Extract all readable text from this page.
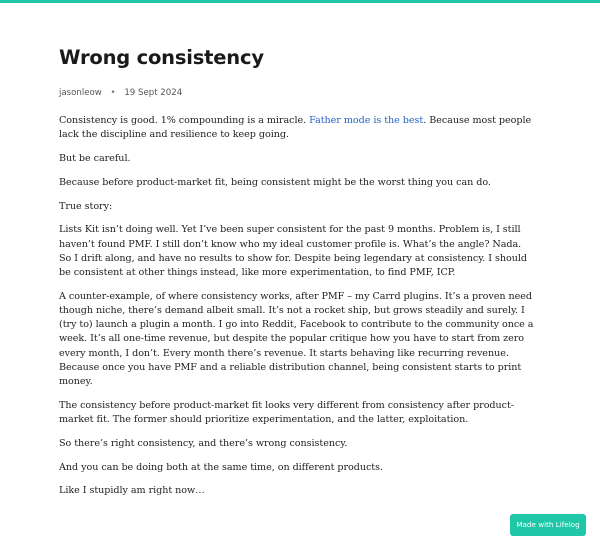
Wrong consistency
jasonleow • 19 Sept 2024

Consistency is good. 1% compounding is a miracle. Father mode is the best. Because most people lack the discipline and resilience to keep going.

But be careful.

Because before product-market fit, being consistent might be the worst thing you can do.

True story:

Lists Kit isn’t doing well. Yet I’ve been super consistent for the past 9 months. Problem is, I still haven’t found PMF. I still don’t know who my ideal customer profile is. What’s the angle? Nada. So I drift along, and have no results to show for. Despite being legendary at consistency. I should be consistent at other things instead, like more experimentation, to find PMF, ICP.

A counter-example, of where consistency works, after PMF – my Carrd plugins. It’s a proven need though niche, there’s demand albeit small. It’s not a rocket ship, but grows steadily and surely. I (try to) launch a plugin a month. I go into Reddit, Facebook to contribute to the community once a week. It’s all one-time revenue, but despite the popular critique how you have to start from zero every month, I don’t. Every month there’s revenue. It starts behaving like recurring revenue. Because once you have PMF and a reliable distribution channel, being consistent starts to print money.

The consistency before product-market fit looks very different from consistency after product-market fit. The former should prioritize experimentation, and the latter, exploitation.

So there’s right consistency, and there’s wrong consistency.

And you can be doing both at the same time, on different products.

Like I stupidly am right now…

Made with Lifelog
